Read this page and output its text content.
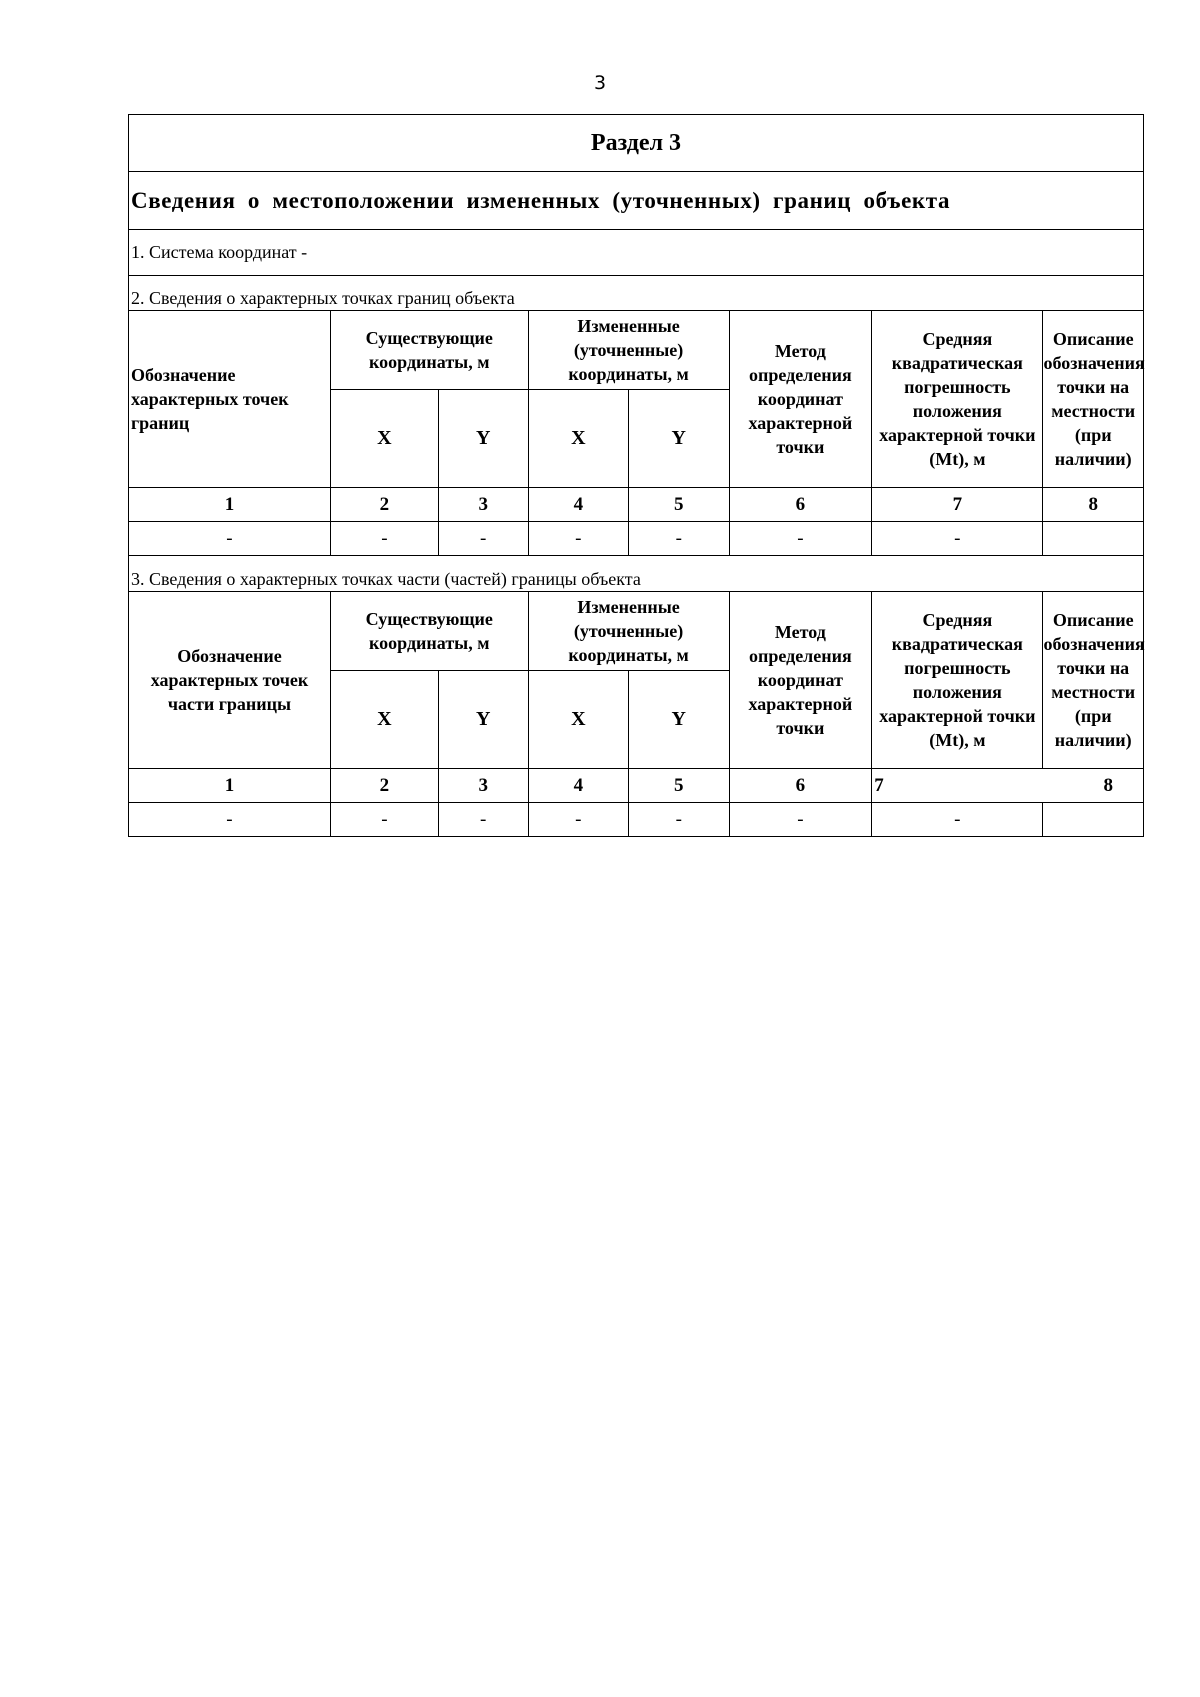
3
Раздел 3								
Сведения о местоположении измененных (уточненных) границ объекта								
1. Система координат -								
2. Сведения о характерных точках границ объекта								
Обозначение характерных точек границ	Существующие координаты, м		Измененные (уточненные) координаты, м		Метод определения координат характерной точки	Средняя квадратическая погрешность положения характерной точки (Mt), м		Описание обозначения точки на местности (при наличии)
	X	Y	X	Y				
1	2	3	4	5	6	7		8
-	-	-	-	-	-	-		
3. Сведения о характерных точках части (частей) границы объекта								
Обозначение характерных точек части границы	Существующие координаты, м		Измененные (уточненные) координаты, м		Метод определения координат характерной точки	Средняя квадратическая погрешность положения характерной точки (Mt), м		Описание обозначения точки на местности (при наличии)
	X	Y	X	Y				
1	2	3	4	5	6	7	8	
-	-	-	-	-	-	-		
